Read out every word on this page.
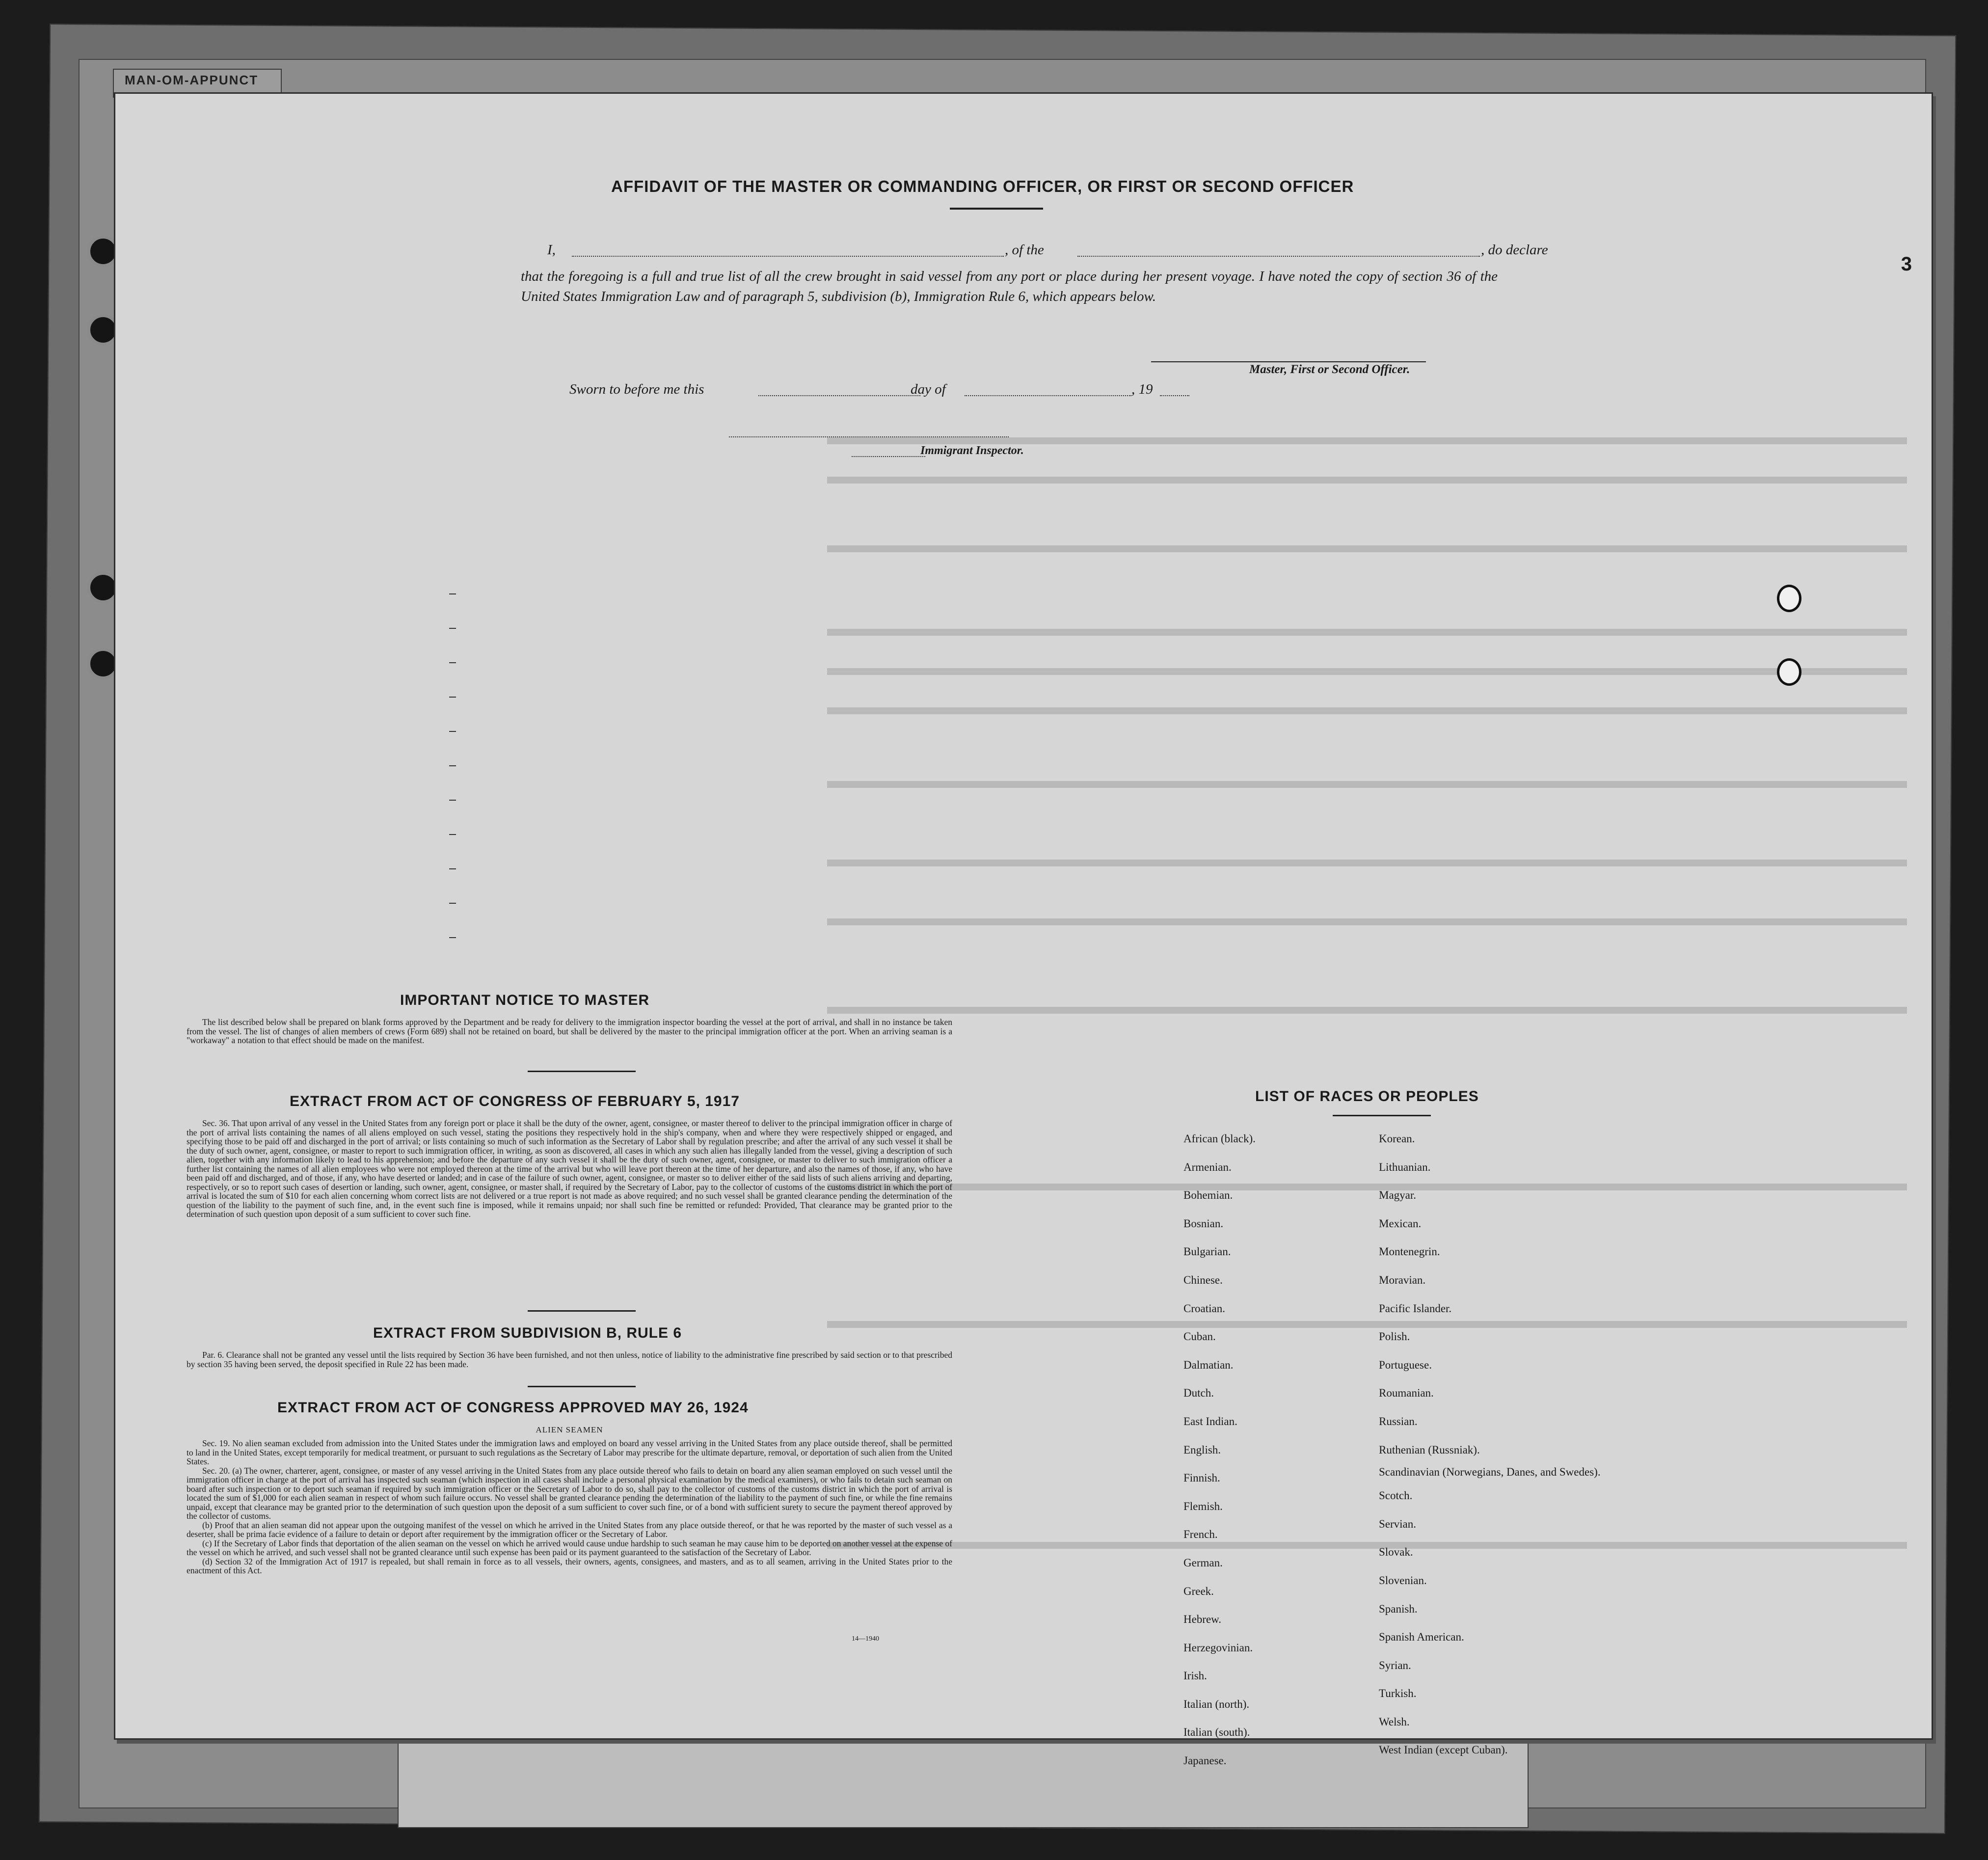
MAN-OM-APPUNCT
AFFIDAVIT OF THE MASTER OR COMMANDING OFFICER, OR FIRST OR SECOND OFFICER
I,	, of the	, do declare
that the foregoing is a full and true list of all the crew brought in said vessel from any port or place during her present voyage. I have noted the copy of section 36 of the United States Immigration Law and of paragraph 5, subdivision (b), Immigration Rule 6, which appears below.
Master, First or Second Officer.
Sworn to before me this	day of	, 19
Immigrant Inspector.
IMPORTANT NOTICE TO MASTER

The list described below shall be prepared on blank forms approved by the Department and be ready for delivery to the immigration inspector boarding the vessel at the port of arrival, and shall in no instance be taken from the vessel. The list of changes of alien members of crews (Form 689) shall not be retained on board, but shall be delivered by the master to the principal immigration officer at the port. When an arriving seaman is a "workaway" a notation to that effect should be made on the manifest.

EXTRACT FROM ACT OF CONGRESS OF FEBRUARY 5, 1917

Sec. 36. That upon arrival of any vessel in the United States from any foreign port or place it shall be the duty of the owner, agent, consignee, or master thereof to deliver to the principal immigration officer in charge of the port of arrival lists containing the names of all aliens employed on such vessel, stating the positions they respectively hold in the ship's company, when and where they were respectively shipped or engaged, and specifying those to be paid off and discharged in the port of arrival; or lists containing so much of such information as the Secretary of Labor shall by regulation prescribe; and after the arrival of any such vessel it shall be the duty of such owner, agent, consignee, or master to report to such immigration officer, in writing, as soon as discovered, all cases in which any such alien has illegally landed from the vessel, giving a description of such alien, together with any information likely to lead to his apprehension; and before the departure of any such vessel it shall be the duty of such owner, agent, consignee, or master to deliver to such immigration officer a further list containing the names of all alien employees who were not employed thereon at the time of the arrival but who will leave port thereon at the time of her departure, and also the names of those, if any, who have been paid off and discharged, and of those, if any, who have deserted or landed; and in case of the failure of such owner, agent, consignee, or master so to deliver either of the said lists of such aliens arriving and departing, respectively, or so to report such cases of desertion or landing, such owner, agent, consignee, or master shall, if required by the Secretary of Labor, pay to the collector of customs of the customs district in which the port of arrival is located the sum of $10 for each alien concerning whom correct lists are not delivered or a true report is not made as above required; and no such vessel shall be granted clearance pending the determination of the question of the liability to the payment of such fine, and, in the event such fine is imposed, while it remains unpaid; nor shall such fine be remitted or refunded: Provided, That clearance may be granted prior to the determination of such question upon deposit of a sum sufficient to cover such fine.

EXTRACT FROM SUBDIVISION B, RULE 6

Par. 6. Clearance shall not be granted any vessel until the lists required by Section 36 have been furnished, and not then unless, notice of liability to the administrative fine prescribed by said section or to that prescribed by section 35 having been served, the deposit specified in Rule 22 has been made.

EXTRACT FROM ACT OF CONGRESS APPROVED MAY 26, 1924
ALIEN SEAMEN

Sec. 19. No alien seaman excluded from admission into the United States under the immigration laws and employed on board any vessel arriving in the United States from any place outside thereof, shall be permitted to land in the United States, except temporarily for medical treatment, or pursuant to such regulations as the Secretary of Labor may prescribe for the ultimate departure, removal, or deportation of such alien from the United States.

Sec. 20. (a) The owner, charterer, agent, consignee, or master of any vessel arriving in the United States from any place outside thereof who fails to detain on board any alien seaman employed on such vessel until the immigration officer in charge at the port of arrival has inspected such seaman (which inspection in all cases shall include a personal physical examination by the medical examiners), or who fails to detain such seaman on board after such inspection or to deport such seaman if required by such immigration officer or the Secretary of Labor to do so, shall pay to the collector of customs of the customs district in which the port of arrival is located the sum of $1,000 for each alien seaman in respect of whom such failure occurs. No vessel shall be granted clearance pending the determination of the liability to the payment of such fine, or while the fine remains unpaid, except that clearance may be granted prior to the determination of such question upon the deposit of a sum sufficient to cover such fine, or of a bond with sufficient surety to secure the payment thereof approved by the collector of customs.

(b) Proof that an alien seaman did not appear upon the outgoing manifest of the vessel on which he arrived in the United States from any place outside thereof, or that he was reported by the master of such vessel as a deserter, shall be prima facie evidence of a failure to detain or deport after requirement by the immigration officer or the Secretary of Labor.

(c) If the Secretary of Labor finds that deportation of the alien seaman on the vessel on which he arrived would cause undue hardship to such seaman he may cause him to be deported on another vessel at the expense of the vessel on which he arrived, and such vessel shall not be granted clearance until such expense has been paid or its payment guaranteed to the satisfaction of the Secretary of Labor.

(d) Section 32 of the Immigration Act of 1917 is repealed, but shall remain in force as to all vessels, their owners, agents, consignees, and masters, and as to all seamen, arriving in the United States prior to the enactment of this Act.

14—1940
LIST OF RACES OR PEOPLES
African (black).
Armenian.
Bohemian.
Bosnian.
Bulgarian.
Chinese.
Croatian.
Cuban.
Dalmatian.
Dutch.
East Indian.
English.
Finnish.
Flemish.
French.
German.
Greek.
Hebrew.
Herzegovinian.
Irish.
Italian (north).
Italian (south).
Japanese.
Korean.
Lithuanian.
Magyar.
Mexican.
Montenegrin.
Moravian.
Pacific Islander.
Polish.
Portuguese.
Roumanian.
Russian.
Ruthenian (Russniak).
Scandinavian (Norwegians, Danes, and Swedes).
Scotch.
Servian.
Slovak.
Slovenian.
Spanish.
Spanish American.
Syrian.
Turkish.
Welsh.
West Indian (except Cuban).
3
